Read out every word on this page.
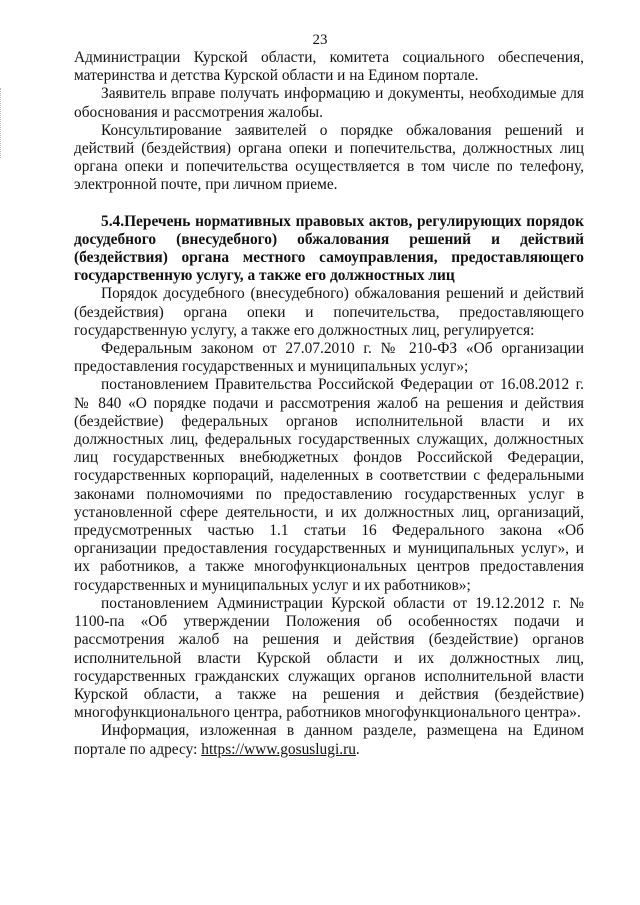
23

Администрации Курской области, комитета социального обеспечения, материнства и детства Курской области и на Едином портале.

Заявитель вправе получать информацию и документы, необходимые для обоснования и рассмотрения жалобы.

Консультирование заявителей о порядке обжалования решений и действий (бездействия) органа опеки и попечительства, должностных лиц органа опеки и попечительства осуществляется в том числе по телефону, электронной почте, при личном приеме.

5.4.Перечень нормативных правовых актов, регулирующих порядок досудебного (внесудебного) обжалования решений и действий (бездействия) органа местного самоуправления, предоставляющего государственную услугу, а также его должностных лиц

Порядок досудебного (внесудебного) обжалования решений и действий (бездействия) органа опеки и попечительства, предоставляющего государственную услугу, а также его должностных лиц, регулируется:

Федеральным законом от 27.07.2010 г. № 210-ФЗ «Об организации предоставления государственных и муниципальных услуг»;

постановлением Правительства Российской Федерации от 16.08.2012 г. № 840 «О порядке подачи и рассмотрения жалоб на решения и действия (бездействие) федеральных органов исполнительной власти и их должностных лиц, федеральных государственных служащих, должностных лиц государственных внебюджетных фондов Российской Федерации, государственных корпораций, наделенных в соответствии с федеральными законами полномочиями по предоставлению государственных услуг в установленной сфере деятельности, и их должностных лиц, организаций, предусмотренных частью 1.1 статьи 16 Федерального закона «Об организации предоставления государственных и муниципальных услуг», и их работников, а также многофункциональных центров предоставления государственных и муниципальных услуг и их работников»;

постановлением Администрации Курской области от 19.12.2012 г. № 1100-па «Об утверждении Положения об особенностях подачи и рассмотрения жалоб на решения и действия (бездействие) органов исполнительной власти Курской области и их должностных лиц, государственных гражданских служащих органов исполнительной власти Курской области, а также на решения и действия (бездействие) многофункционального центра, работников многофункционального центра».

Информация, изложенная в данном разделе, размещена на Едином портале по адресу: https://www.gosuslugi.ru.
